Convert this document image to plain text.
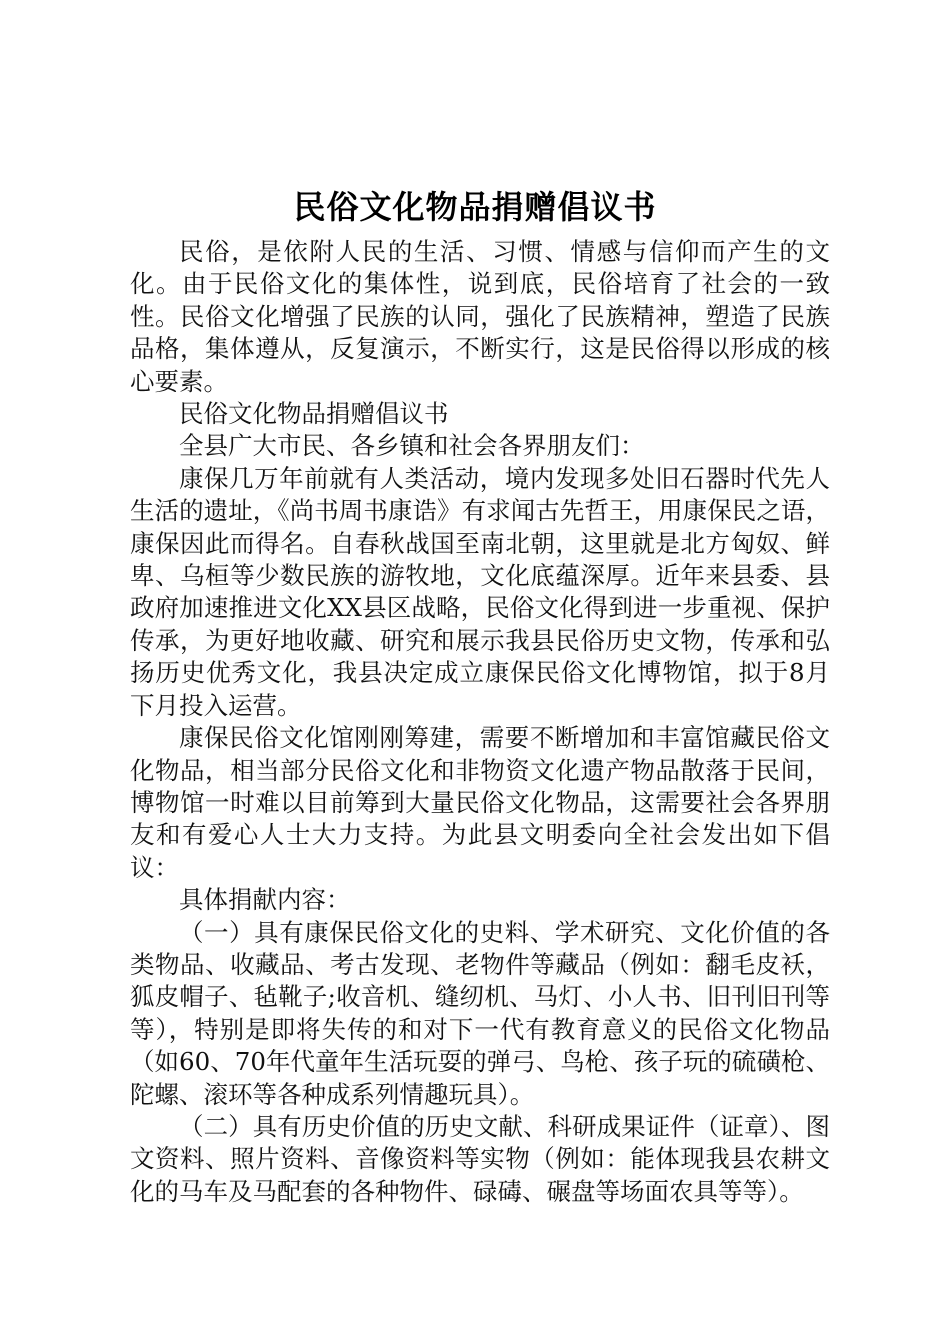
民俗文化物品捐赠倡议书

民俗，是依附人民的生活、习惯、情感与信仰而产生的文化。由于民俗文化的集体性，说到底，民俗培育了社会的一致性。民俗文化增强了民族的认同，强化了民族精神，塑造了民族品格，集体遵从，反复演示，不断实行，这是民俗得以形成的核心要素。

民俗文化物品捐赠倡议书

全县广大市民、各乡镇和社会各界朋友们：

康保几万年前就有人类活动，境内发现多处旧石器时代先人生活的遗址，《尚书周书康诰》有求闻古先哲王，用康保民之语，康保因此而得名。自春秋战国至南北朝，这里就是北方匈奴、鲜卑、乌桓等少数民族的游牧地，文化底蕴深厚。近年来县委、县政府加速推进文化XX县区战略，民俗文化得到进一步重视、保护传承，为更好地收藏、研究和展示我县民俗历史文物，传承和弘扬历史优秀文化，我县决定成立康保民俗文化博物馆，拟于8月下月投入运营。

康保民俗文化馆刚刚筹建，需要不断增加和丰富馆藏民俗文化物品，相当部分民俗文化和非物资文化遗产物品散落于民间，博物馆一时难以目前筹到大量民俗文化物品，这需要社会各界朋友和有爱心人士大力支持。为此县文明委向全社会发出如下倡议：

具体捐献内容：

（一）具有康保民俗文化的史料、学术研究、文化价值的各类物品、收藏品、考古发现、老物件等藏品（例如：翻毛皮袄，狐皮帽子、毡靴子;收音机、缝纫机、马灯、小人书、旧刊旧刊等等），特别是即将失传的和对下一代有教育意义的民俗文化物品（如60、70年代童年生活玩耍的弹弓、鸟枪、孩子玩的硫磺枪、陀螺、滚环等各种成系列情趣玩具）。

（二）具有历史价值的历史文献、科研成果证件（证章）、图文资料、照片资料、音像资料等实物（例如：能体现我县农耕文化的马车及马配套的各种物件、碌碡、碾盘等场面农具等等）。
